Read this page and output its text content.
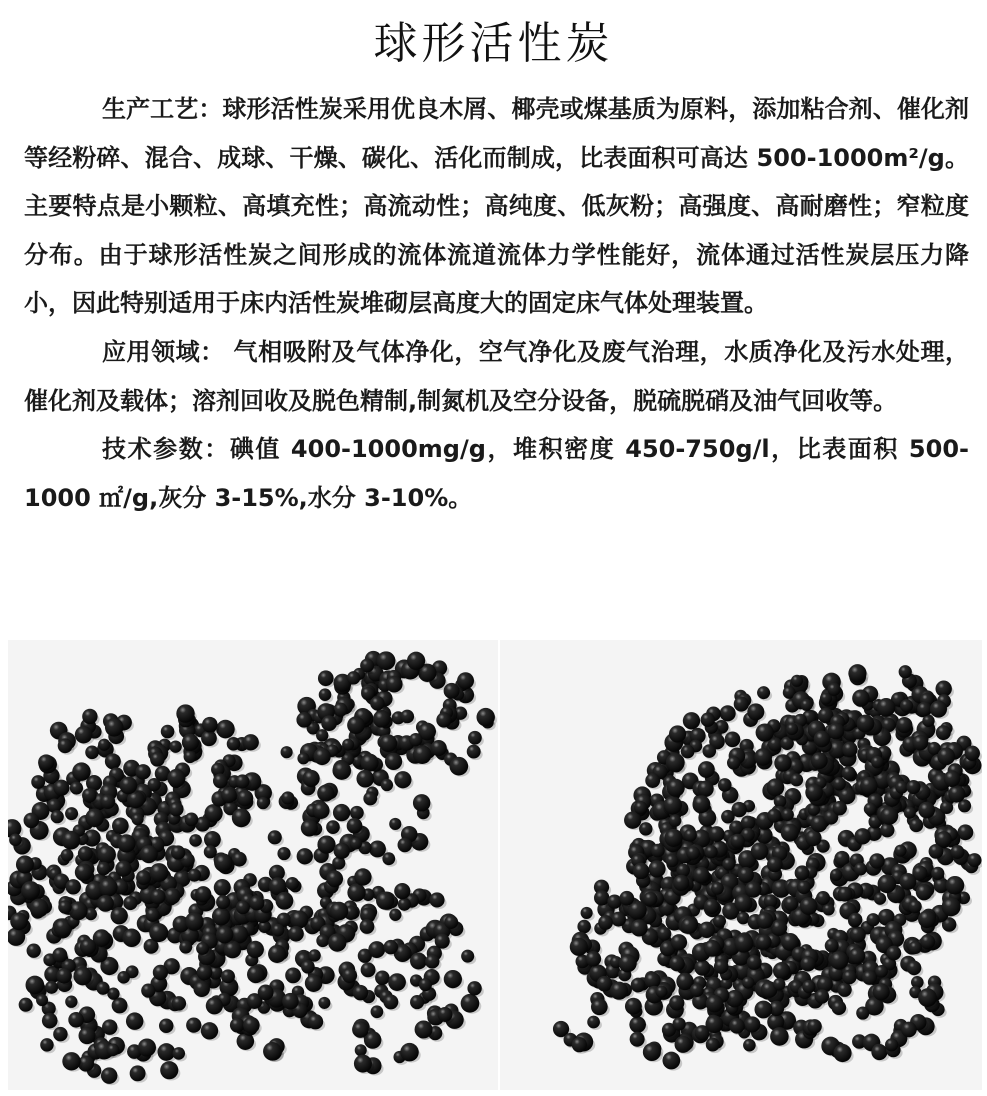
球形活性炭

生产工艺：球形活性炭采用优良木屑、椰壳或煤基质为原料，添加粘合剂、催化剂等经粉碎、混合、成球、干燥、碳化、活化而制成，比表面积可高达 500-1000m²/g。主要特点是小颗粒、高填充性；高流动性；高纯度、低灰粉；高强度、高耐磨性；窄粒度分布。由于球形活性炭之间形成的流体流道流体力学性能好，流体通过活性炭层压力降小，因此特别适用于床内活性炭堆砌层高度大的固定床气体处理装置。

应用领域： 气相吸附及气体净化，空气净化及废气治理，水质净化及污水处理，催化剂及载体；溶剂回收及脱色精制,制氮机及空分设备，脱硫脱硝及油气回收等。

技术参数：碘值 400-1000mg/g，堆积密度 450-750g/l，比表面积 500-1000 ㎡/g,灰分 3-15%,水分 3-10%。
